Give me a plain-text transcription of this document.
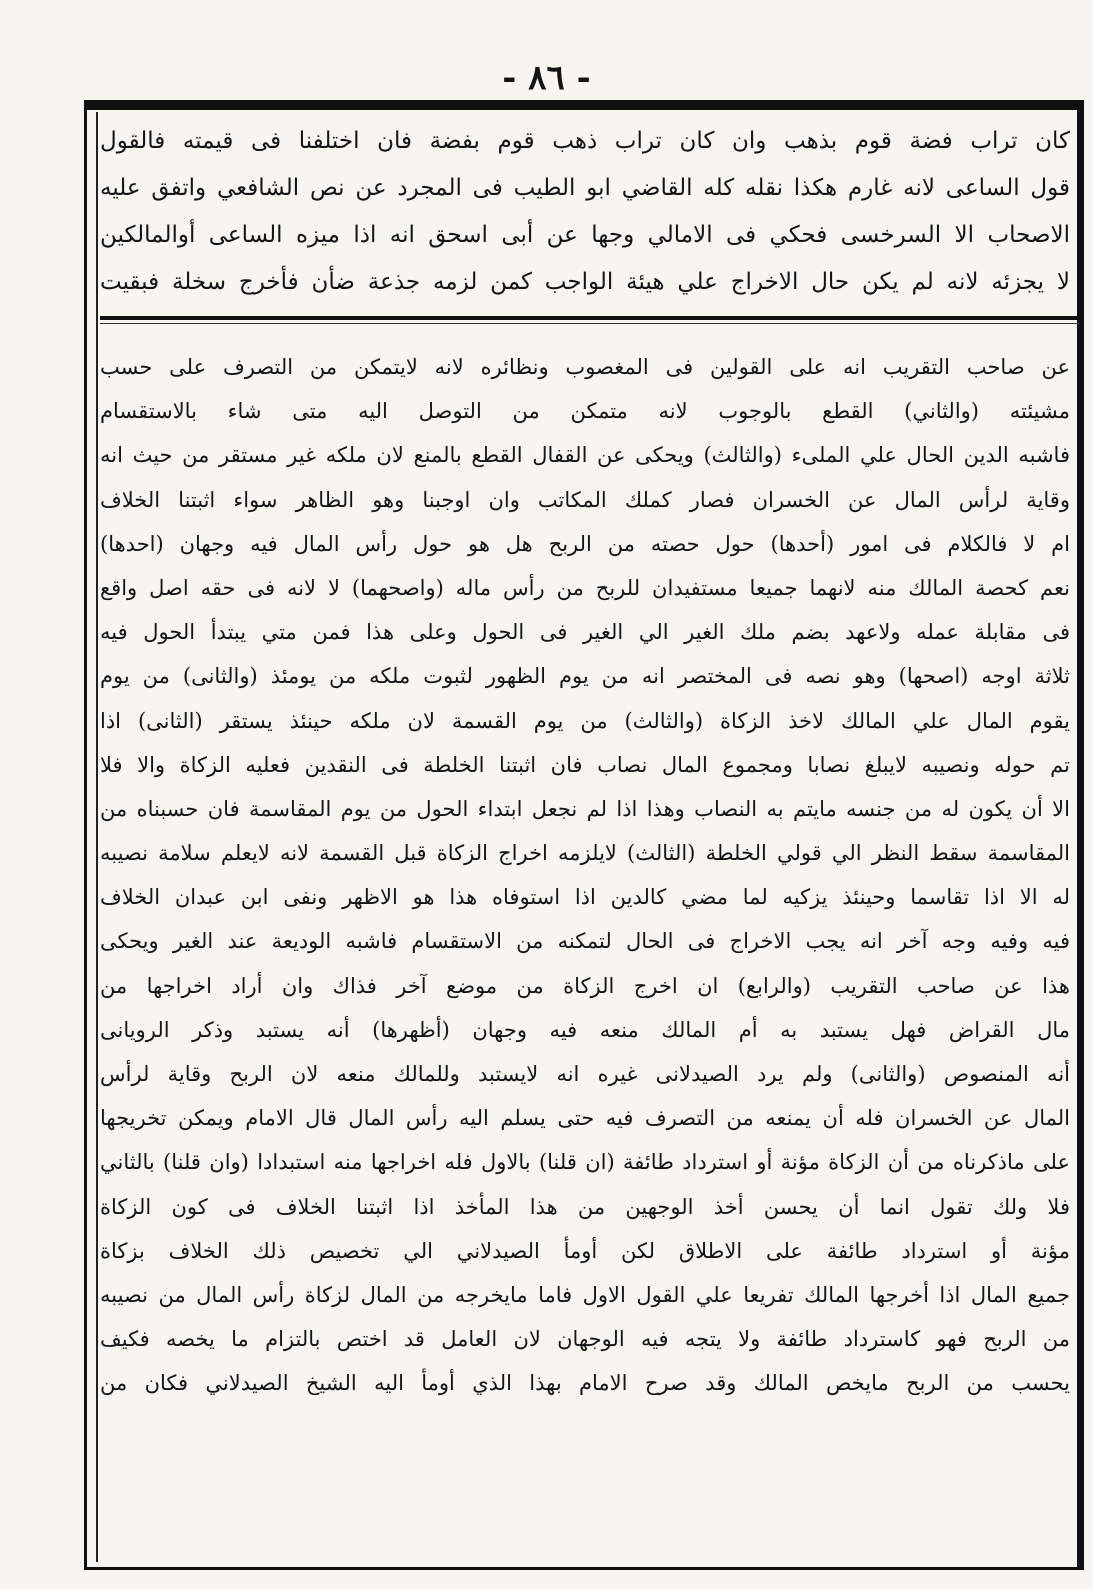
- ٨٦ -
كان تراب فضة قوم بذهب وان كان تراب ذهب قوم بفضة فان اختلفنا فى قيمته فالقول
قول الساعى لانه غارم هكذا نقله كله القاضي ابو الطيب فى المجرد عن نص الشافعي واتفق عليه
الاصحاب الا السرخسى فحكي فى الامالي وجها عن أبى اسحق انه اذا ميزه الساعى أوالمالكين
لا يجزئه لانه لم يكن حال الاخراج علي هيئة الواجب كمن لزمه جذعة ضأن فأخرج سخلة فبقيت
عن صاحب التقريب انه على القولين فى المغصوب ونظائره لانه لايتمكن من التصرف على حسب
مشيئته (والثاني) القطع بالوجوب لانه متمكن من التوصل اليه متى شاء بالاستقسام
فاشبه الدين الحال علي الملىء (والثالث) ويحكى عن القفال القطع بالمنع لان ملكه غير مستقر من حيث انه
وقاية لرأس المال عن الخسران فصار كملك المكاتب وان اوجبنا وهو الظاهر سواء اثبتنا الخلاف
ام لا فالكلام فى امور (أحدها) حول حصته من الربح هل هو حول رأس المال فيه وجهان (احدها)
نعم كحصة المالك منه لانهما جميعا مستفيدان للربح من رأس ماله (واصحهما) لا لانه فى حقه اصل واقع
فى مقابلة عمله ولاعهد بضم ملك الغير الي الغير فى الحول وعلى هذا فمن متي يبتدأ الحول فيه
ثلاثة اوجه (اصحها) وهو نصه فى المختصر انه من يوم الظهور لثبوت ملكه من يومئذ (والثانى) من يوم
يقوم المال علي المالك لاخذ الزكاة (والثالث) من يوم القسمة لان ملكه حينئذ يستقر (الثانى) اذا
تم حوله ونصيبه لايبلغ نصابا ومجموع المال نصاب فان اثبتنا الخلطة فى النقدين فعليه الزكاة والا فلا
الا أن يكون له من جنسه مايتم به النصاب وهذا اذا لم نجعل ابتداء الحول من يوم المقاسمة فان حسبناه من
المقاسمة سقط النظر الي قولي الخلطة (الثالث) لايلزمه اخراج الزكاة قبل القسمة لانه لايعلم سلامة نصيبه
له الا اذا تقاسما وحينئذ يزكيه لما مضي كالدين اذا استوفاه هذا هو الاظهر ونفى ابن عبدان الخلاف
فيه وفيه وجه آخر انه يجب الاخراج فى الحال لتمكنه من الاستقسام فاشبه الوديعة عند الغير ويحكى
هذا عن صاحب التقريب (والرابع) ان اخرج الزكاة من موضع آخر فذاك وان أراد اخراجها من
مال القراض فهل يستبد به أم المالك منعه فيه وجهان (أظهرها) أنه يستبد وذكر الرويانى
أنه المنصوص (والثانى) ولم يرد الصيدلانى غيره انه لايستبد وللمالك منعه لان الربح وقاية لرأس
المال عن الخسران فله أن يمنعه من التصرف فيه حتى يسلم اليه رأس المال قال الامام ويمكن تخريجها
على ماذكرناه من أن الزكاة مؤنة أو استرداد طائفة (ان قلنا) بالاول فله اخراجها منه استبدادا (وان قلنا) بالثاني
فلا ولك تقول انما أن يحسن أخذ الوجهين من هذا المأخذ اذا اثبتنا الخلاف فى كون الزكاة
مؤنة أو استرداد طائفة على الاطلاق لكن أومأ الصيدلاني الي تخصيص ذلك الخلاف بزكاة
جميع المال اذا أخرجها المالك تفريعا علي القول الاول فاما مايخرجه من المال لزكاة رأس المال من نصيبه
من الربح فهو كاسترداد طائفة ولا يتجه فيه الوجهان لان العامل قد اختص بالتزام ما يخصه فكيف
يحسب من الربح مايخص المالك وقد صرح الامام بهذا الذي أومأ اليه الشيخ الصيدلاني فكان من
